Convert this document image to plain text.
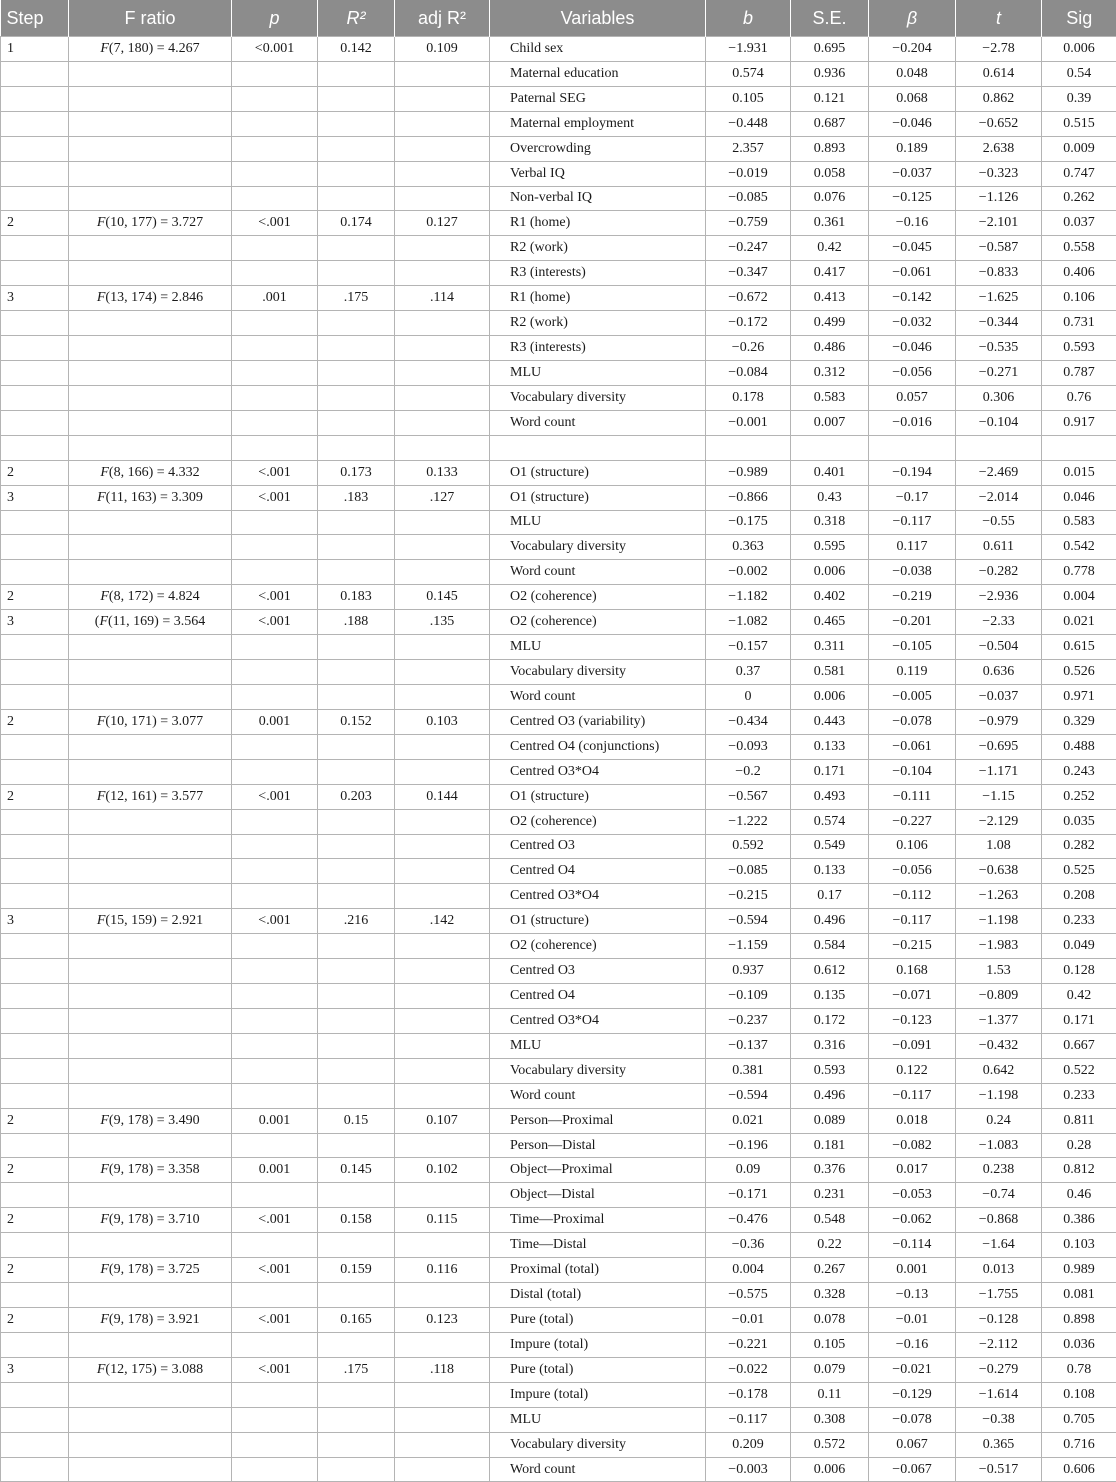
Step	F ratio	p	R²	adj R²	Variables	b	S.E.	β	t	Sig
1	F(7, 180) = 4.267	<0.001	0.142	0.109	Child sex	−1.931	0.695	−0.204	−2.78	0.006
					Maternal education	0.574	0.936	0.048	0.614	0.54
					Paternal SEG	0.105	0.121	0.068	0.862	0.39
					Maternal employment	−0.448	0.687	−0.046	−0.652	0.515
					Overcrowding	2.357	0.893	0.189	2.638	0.009
					Verbal IQ	−0.019	0.058	−0.037	−0.323	0.747
					Non-verbal IQ	−0.085	0.076	−0.125	−1.126	0.262
2	F(10, 177) = 3.727	<.001	0.174	0.127	R1 (home)	−0.759	0.361	−0.16	−2.101	0.037
					R2 (work)	−0.247	0.42	−0.045	−0.587	0.558
					R3 (interests)	−0.347	0.417	−0.061	−0.833	0.406
3	F(13, 174) = 2.846	.001	.175	.114	R1 (home)	−0.672	0.413	−0.142	−1.625	0.106
					R2 (work)	−0.172	0.499	−0.032	−0.344	0.731
					R3 (interests)	−0.26	0.486	−0.046	−0.535	0.593
					MLU	−0.084	0.312	−0.056	−0.271	0.787
					Vocabulary diversity	0.178	0.583	0.057	0.306	0.76
					Word count	−0.001	0.007	−0.016	−0.104	0.917

2	F(8, 166) = 4.332	<.001	0.173	0.133	O1 (structure)	−0.989	0.401	−0.194	−2.469	0.015
3	F(11, 163) = 3.309	<.001	.183	.127	O1 (structure)	−0.866	0.43	−0.17	−2.014	0.046
					MLU	−0.175	0.318	−0.117	−0.55	0.583
					Vocabulary diversity	0.363	0.595	0.117	0.611	0.542
					Word count	−0.002	0.006	−0.038	−0.282	0.778
2	F(8, 172) = 4.824	<.001	0.183	0.145	O2 (coherence)	−1.182	0.402	−0.219	−2.936	0.004
3	(F(11, 169) = 3.564	<.001	.188	.135	O2 (coherence)	−1.082	0.465	−0.201	−2.33	0.021
					MLU	−0.157	0.311	−0.105	−0.504	0.615
					Vocabulary diversity	0.37	0.581	0.119	0.636	0.526
					Word count	0	0.006	−0.005	−0.037	0.971
2	F(10, 171) = 3.077	0.001	0.152	0.103	Centred O3 (variability)	−0.434	0.443	−0.078	−0.979	0.329
					Centred O4 (conjunctions)	−0.093	0.133	−0.061	−0.695	0.488
					Centred O3*O4	−0.2	0.171	−0.104	−1.171	0.243
2	F(12, 161) = 3.577	<.001	0.203	0.144	O1 (structure)	−0.567	0.493	−0.111	−1.15	0.252
					O2 (coherence)	−1.222	0.574	−0.227	−2.129	0.035
					Centred O3	0.592	0.549	0.106	1.08	0.282
					Centred O4	−0.085	0.133	−0.056	−0.638	0.525
					Centred O3*O4	−0.215	0.17	−0.112	−1.263	0.208
3	F(15, 159) = 2.921	<.001	.216	.142	O1 (structure)	−0.594	0.496	−0.117	−1.198	0.233
					O2 (coherence)	−1.159	0.584	−0.215	−1.983	0.049
					Centred O3	0.937	0.612	0.168	1.53	0.128
					Centred O4	−0.109	0.135	−0.071	−0.809	0.42
					Centred O3*O4	−0.237	0.172	−0.123	−1.377	0.171
					MLU	−0.137	0.316	−0.091	−0.432	0.667
					Vocabulary diversity	0.381	0.593	0.122	0.642	0.522
					Word count	−0.594	0.496	−0.117	−1.198	0.233
2	F(9, 178) = 3.490	0.001	0.15	0.107	Person—Proximal	0.021	0.089	0.018	0.24	0.811
					Person—Distal	−0.196	0.181	−0.082	−1.083	0.28
2	F(9, 178) = 3.358	0.001	0.145	0.102	Object—Proximal	0.09	0.376	0.017	0.238	0.812
					Object—Distal	−0.171	0.231	−0.053	−0.74	0.46
2	F(9, 178) = 3.710	<.001	0.158	0.115	Time—Proximal	−0.476	0.548	−0.062	−0.868	0.386
					Time—Distal	−0.36	0.22	−0.114	−1.64	0.103
2	F(9, 178) = 3.725	<.001	0.159	0.116	Proximal (total)	0.004	0.267	0.001	0.013	0.989
					Distal (total)	−0.575	0.328	−0.13	−1.755	0.081
2	F(9, 178) = 3.921	<.001	0.165	0.123	Pure (total)	−0.01	0.078	−0.01	−0.128	0.898
					Impure (total)	−0.221	0.105	−0.16	−2.112	0.036
3	F(12, 175) = 3.088	<.001	.175	.118	Pure (total)	−0.022	0.079	−0.021	−0.279	0.78
					Impure (total)	−0.178	0.11	−0.129	−1.614	0.108
					MLU	−0.117	0.308	−0.078	−0.38	0.705
					Vocabulary diversity	0.209	0.572	0.067	0.365	0.716
					Word count	−0.003	0.006	−0.067	−0.517	0.606
